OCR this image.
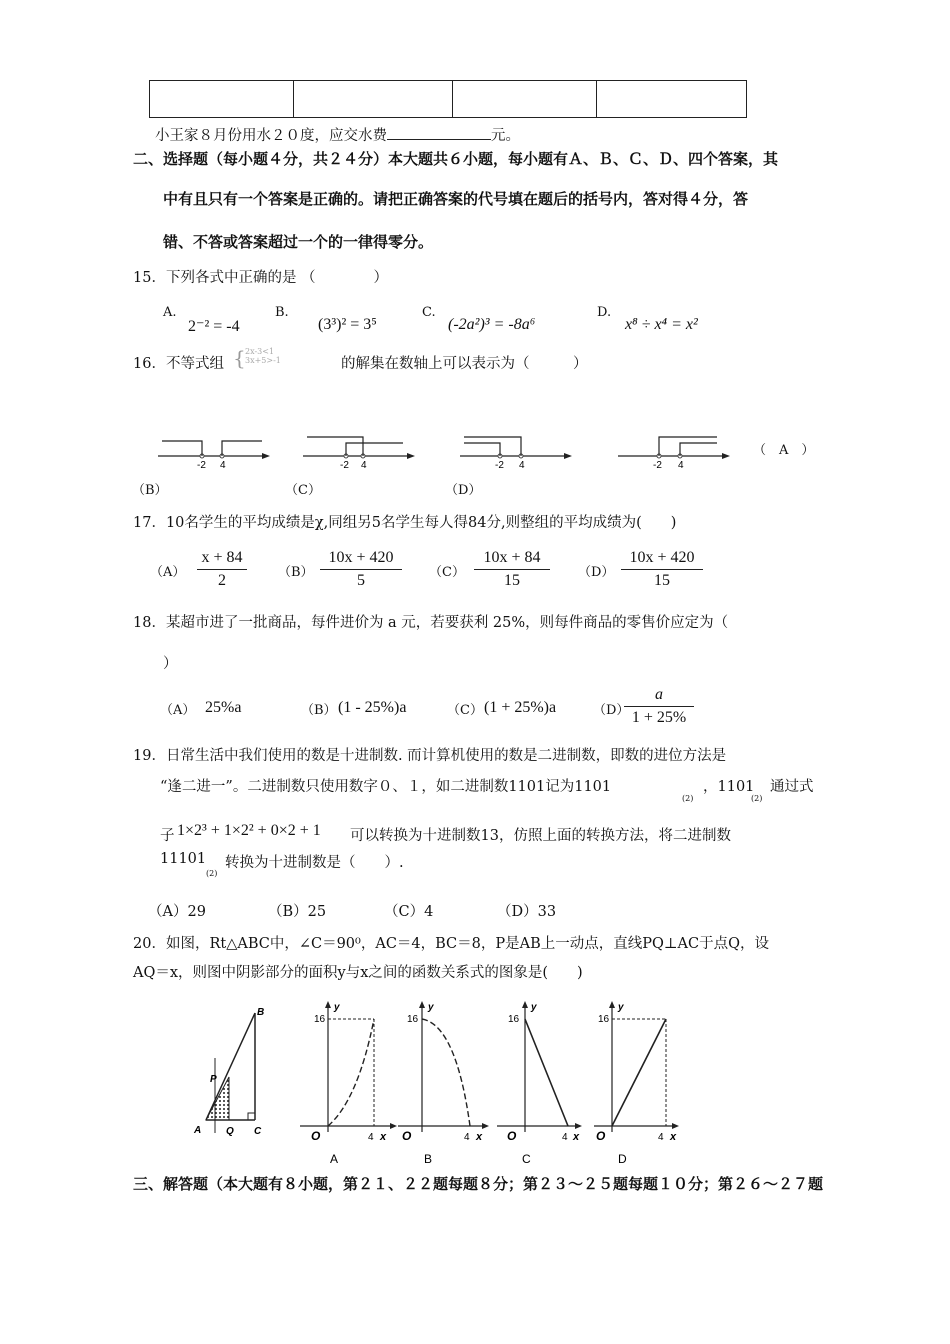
小王家８月份用水２０度，应交水费	元。
二、选择题（每小题４分，共２４分）本大题共６小题，每小题有Ａ、Ｂ、Ｃ、Ｄ、四个答案，其
中有且只有一个答案是正确的。请把正确答案的代号填在题后的括号内，答对得４分，答
错、不答或答案超过一个的一律得零分。
15．下列各式中正确的是 （　　　　）
A.
2⁻² = -4
B.
(3³)² = 3⁵
C.
(-2a²)³ = -8a⁶
D.
x⁸ ÷ x⁴ = x²
16．不等式组 { 2x-3<1
3x+5>-1	的解集在数轴上可以表示为（　　　）
-2 4	-2 4	-2 4	-2 4
（　A　）
（B）	（C）	（D）
17．10名学生的平均成绩是χ,同组另5名学生每人得84分,则整组的平均成绩为(　　)
（A）
x + 84
2	（B）
10x + 420
5	（C）
10x + 84
15	（D）
10x + 420
15
18．某超市进了一批商品，每件进价为 a 元，若要获利 25%，则每件商品的零售价应定为（
）
（A） 25%a	（B） (1 - 25%)a	（C） (1 + 25%)a	（D）
a
1 + 25%
19．日常生活中我们使用的数是十进制数. 而计算机使用的数是二进制数，即数的进位方法是
“逢二进一”。二进制数只使用数字０、１，如二进制数1101记为1101
(2)
，1101
(2)
通过式
子 1×2³ + 1×2² + 0×2 + 1 可以转换为十进制数13，仿照上面的转换方法，将二进制数
11101
(2)
转换为十进制数是（　　）.
（A）29	（B）25	（C）4	（D）33
20．如图，Rt△ABC中，∠C＝90⁰，AC＝4，BC＝8，P是AB上一动点，直线PQ⊥AC于点Q，设
AQ＝x，则图中阴影部分的面积y与x之间的函数关系式的图象是(　　)
B
P
A Q C
y
16
O	4 x
A
y
16
O	4 x
B
y
16
O	4 x
C
y
16
O	4 x
D
三、解答题（本大题有８小题，第２１、２２题每题８分；第２３～２５题每题１０分；第２６～２７题
